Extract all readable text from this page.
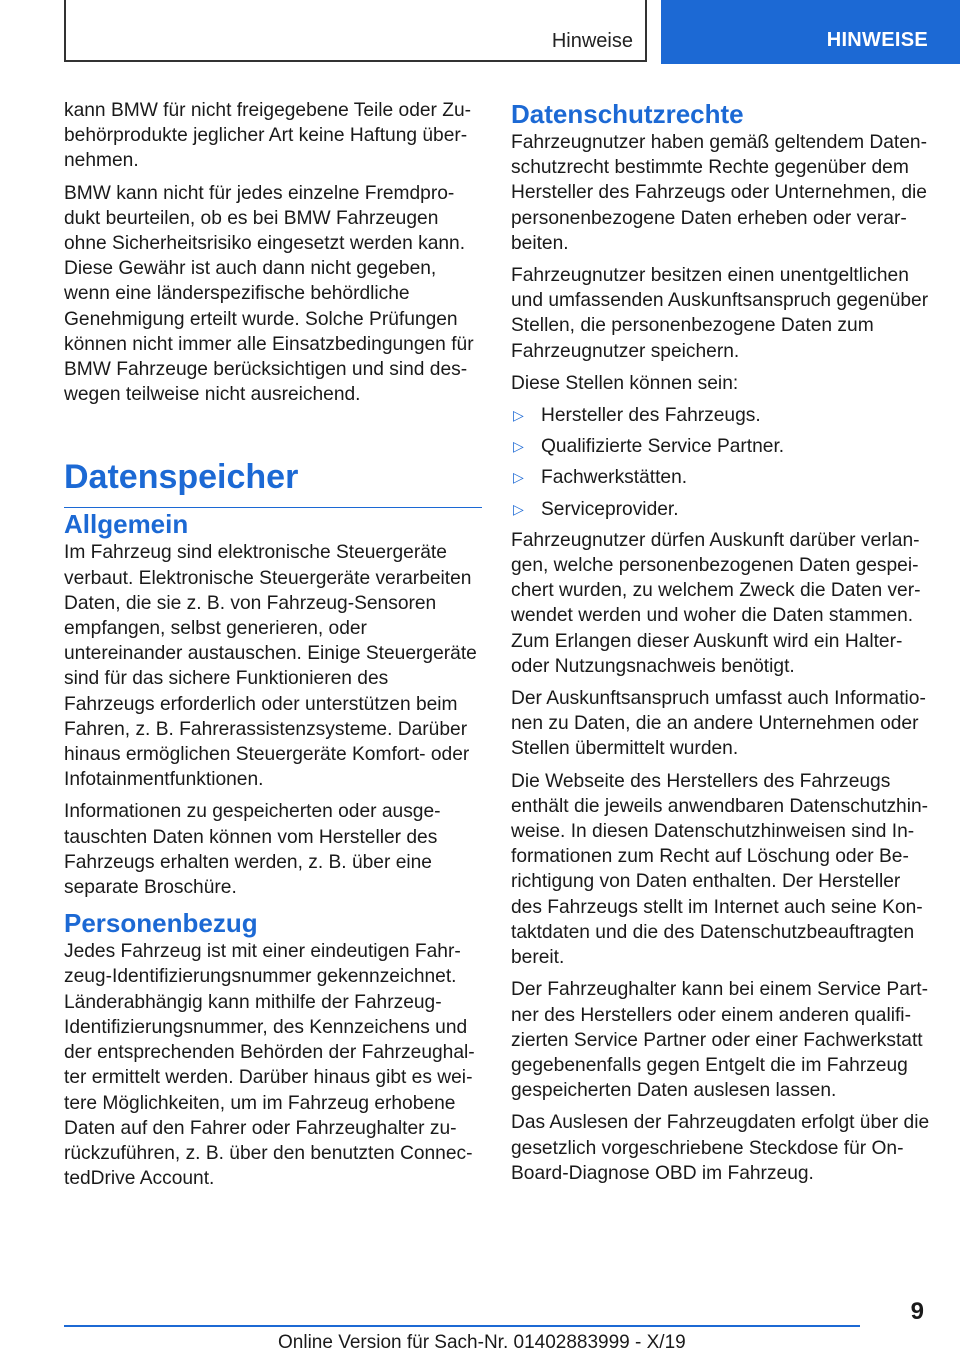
Hinweise	HINWEISE

kann BMW für nicht freigegebene Teile oder Zubehörprodukte jeglicher Art keine Haftung übernehmen.

BMW kann nicht für jedes einzelne Fremdprodukt beurteilen, ob es bei BMW Fahrzeugen ohne Sicherheitsrisiko eingesetzt werden kann. Diese Gewähr ist auch dann nicht gegeben, wenn eine länderspezifische behördliche Genehmigung erteilt wurde. Solche Prüfungen können nicht immer alle Einsatzbedingungen für BMW Fahrzeuge berücksichtigen und sind deswegen teilweise nicht ausreichend.

Datenspeicher
Allgemein

Im Fahrzeug sind elektronische Steuergeräte verbaut. Elektronische Steuergeräte verarbeiten Daten, die sie z. B. von Fahrzeug-Sensoren empfangen, selbst generieren, oder untereinander austauschen. Einige Steuergeräte sind für das sichere Funktionieren des Fahrzeugs erforderlich oder unterstützen beim Fahren, z. B. Fahrerassistenzsysteme. Darüber hinaus ermöglichen Steuergeräte Komfort- oder Infotainmentfunktionen.

Informationen zu gespeicherten oder ausgetauschten Daten können vom Hersteller des Fahrzeugs erhalten werden, z. B. über eine separate Broschüre.

Personenbezug

Jedes Fahrzeug ist mit einer eindeutigen Fahrzeug-Identifizierungsnummer gekennzeichnet. Länderabhängig kann mithilfe der Fahrzeug-Identifizierungsnummer, des Kennzeichens und der entsprechenden Behörden der Fahrzeughalter ermittelt werden. Darüber hinaus gibt es weitere Möglichkeiten, um im Fahrzeug erhobene Daten auf den Fahrer oder Fahrzeughalter zurückzuführen, z. B. über den benutzten ConnectedDrive Account.

Datenschutzrechte

Fahrzeugnutzer haben gemäß geltendem Datenschutzrecht bestimmte Rechte gegenüber dem Hersteller des Fahrzeugs oder Unternehmen, die personenbezogene Daten erheben oder verarbeiten.

Fahrzeugnutzer besitzen einen unentgeltlichen und umfassenden Auskunftsanspruch gegenüber Stellen, die personenbezogene Daten zum Fahrzeugnutzer speichern.

Diese Stellen können sein:

▷ Hersteller des Fahrzeugs.
▷ Qualifizierte Service Partner.
▷ Fachwerkstätten.
▷ Serviceprovider.

Fahrzeugnutzer dürfen Auskunft darüber verlangen, welche personenbezogenen Daten gespeichert wurden, zu welchem Zweck die Daten verwendet werden und woher die Daten stammen. Zum Erlangen dieser Auskunft wird ein Halter- oder Nutzungsnachweis benötigt.

Der Auskunftsanspruch umfasst auch Informationen zu Daten, die an andere Unternehmen oder Stellen übermittelt wurden.

Die Webseite des Herstellers des Fahrzeugs enthält die jeweils anwendbaren Datenschutzhinweise. In diesen Datenschutzhinweisen sind Informationen zum Recht auf Löschung oder Berichtigung von Daten enthalten. Der Hersteller des Fahrzeugs stellt im Internet auch seine Kontaktdaten und die des Datenschutzbeauftragten bereit.

Der Fahrzeughalter kann bei einem Service Partner des Herstellers oder einem anderen qualifizierten Service Partner oder einer Fachwerkstatt gegebenenfalls gegen Entgelt die im Fahrzeug gespeicherten Daten auslesen lassen.

Das Auslesen der Fahrzeugdaten erfolgt über die gesetzlich vorgeschriebene Steckdose für On-Board-Diagnose OBD im Fahrzeug.

9
Online Version für Sach-Nr. 01402883999 - X/19
